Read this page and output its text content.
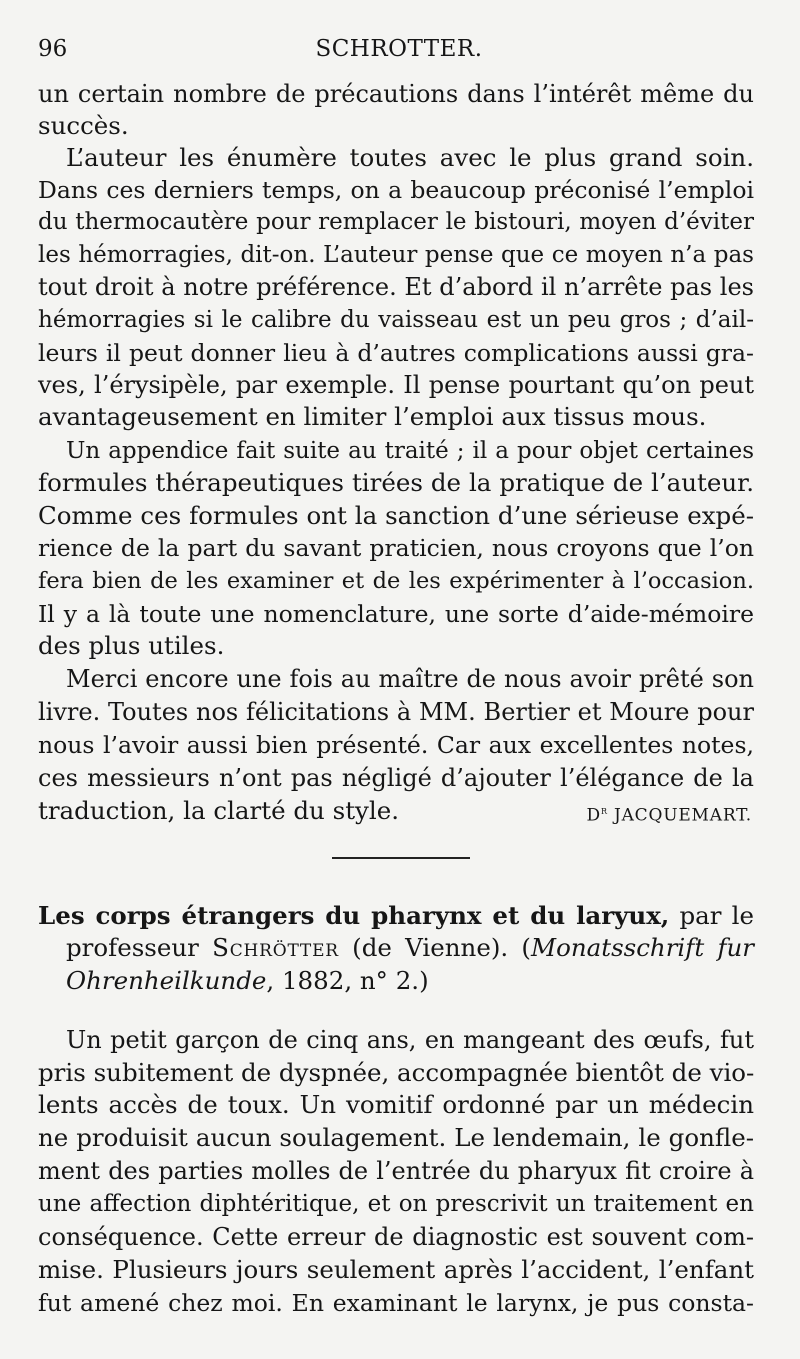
96	SCHROTTER.
un certain nombre de précautions dans l’intérêt même du
succès.
L’auteur les énumère toutes avec le plus grand soin.
Dans ces derniers temps, on a beaucoup préconisé l’emploi
du thermocautère pour remplacer le bistouri, moyen d’éviter
les hémorragies, dit-on. L’auteur pense que ce moyen n’a pas
tout droit à notre préférence. Et d’abord il n’arrête pas les
hémorragies si le calibre du vaisseau est un peu gros ; d’ail-
leurs il peut donner lieu à d’autres complications aussi gra-
ves, l’érysipèle, par exemple. Il pense pourtant qu’on peut
avantageusement en limiter l’emploi aux tissus mous.
Un appendice fait suite au traité ; il a pour objet certaines
formules thérapeutiques tirées de la pratique de l’auteur.
Comme ces formules ont la sanction d’une sérieuse expé-
rience de la part du savant praticien, nous croyons que l’on
fera bien de les examiner et de les expérimenter à l’occasion.
Il y a là toute une nomenclature, une sorte d’aide-mémoire
des plus utiles.
Merci encore une fois au maître de nous avoir prêté son
livre. Toutes nos félicitations à MM. Bertier et Moure pour
nous l’avoir aussi bien présenté. Car aux excellentes notes,
ces messieurs n’ont pas négligé d’ajouter l’élégance de la
traduction, la clarté du style.	$D^r$ JACQUEMART.
Les corps étrangers du pharynx et du laryux, par le
professeur Schrötter (de Vienne). (Monatsschrift fur
Ohrenheilkunde, 1882, n° 2.)
Un petit garçon de cinq ans, en mangeant des œufs, fut
pris subitement de dyspnée, accompagnée bientôt de vio-
lents accès de toux. Un vomitif ordonné par un médecin
ne produisit aucun soulagement. Le lendemain, le gonfle-
ment des parties molles de l’entrée du pharyux fit croire à
une affection diphtéritique, et on prescrivit un traitement en
conséquence. Cette erreur de diagnostic est souvent com-
mise. Plusieurs jours seulement après l’accident, l’enfant
fut amené chez moi. En examinant le larynx, je pus consta-
